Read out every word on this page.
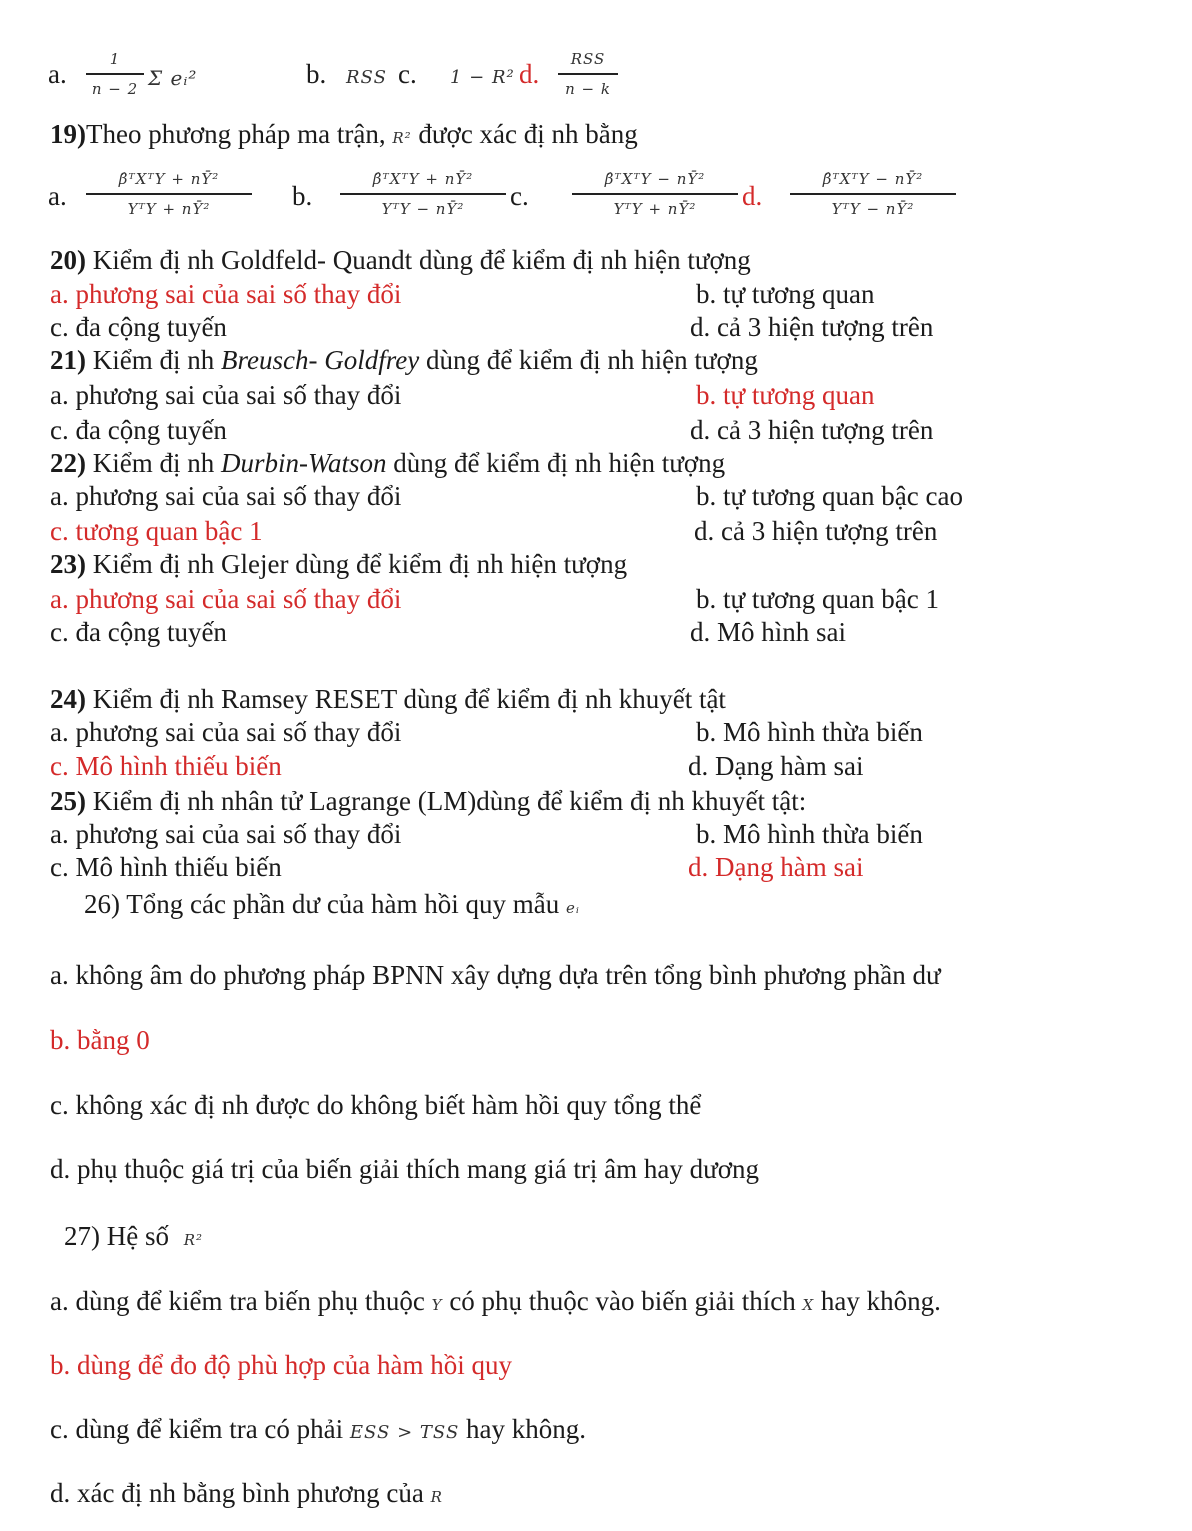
a.	1
n − 2 Σ eᵢ²	b. RSS c. 1 − R² d.	RSS
n − k
19)Theo phương pháp ma trận, R² được xác đị nh bằng
a.
β̂ᵀXᵀY + nȲ²
YᵀY + nȲ²	b.
β̂ᵀXᵀY + nȲ²
YᵀY − nȲ²	c.
β̂ᵀXᵀY − nȲ²
YᵀY + nȲ²	d.
β̂ᵀXᵀY − nȲ²
YᵀY − nȲ²
20) Kiểm đị nh Goldfeld- Quandt dùng để kiểm đị nh hiện tượng
a. phương sai của sai số thay đổi	b. tự tương quan
c. đa cộng tuyến	d. cả 3 hiện tượng trên
21) Kiểm đị nh Breusch- Goldfrey dùng để kiểm đị nh hiện tượng
a. phương sai của sai số thay đổi	b. tự tương quan
c. đa cộng tuyến	d. cả 3 hiện tượng trên
22) Kiểm đị nh Durbin-Watson dùng để kiểm đị nh hiện tượng
a. phương sai của sai số thay đổi	b. tự tương quan bậc cao
c. tương quan bậc 1	d. cả 3 hiện tượng trên
23) Kiểm đị nh Glejer dùng để kiểm đị nh hiện tượng
a. phương sai của sai số thay đổi	b. tự tương quan bậc 1
c. đa cộng tuyến	d. Mô hình sai
24) Kiểm đị nh Ramsey RESET dùng để kiểm đị nh khuyết tật
a. phương sai của sai số thay đổi	b. Mô hình thừa biến
c. Mô hình thiếu biến	d. Dạng hàm sai
25) Kiểm đị nh nhân tử Lagrange (LM)dùng để kiểm đị nh khuyết tật:
a. phương sai của sai số thay đổi	b. Mô hình thừa biến
c. Mô hình thiếu biến	d. Dạng hàm sai
26) Tổng các phần dư của hàm hồi quy mẫu eᵢ
a. không âm do phương pháp BPNN xây dựng dựa trên tổng bình phương phần dư
b. bằng 0
c. không xác đị nh được do không biết hàm hồi quy tổng thể
d. phụ thuộc giá trị của biến giải thích mang giá trị âm hay dương
27) Hệ số R²
a. dùng để kiểm tra biến phụ thuộc Y có phụ thuộc vào biến giải thích X hay không.
b. dùng để đo độ phù hợp của hàm hồi quy
c. dùng để kiểm tra có phải ESS > TSS hay không.
d. xác đị nh bằng bình phương của R
